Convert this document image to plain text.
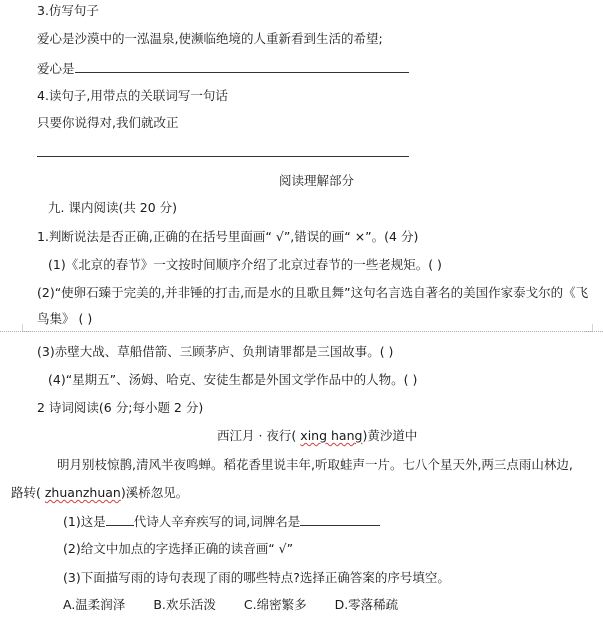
3.仿写句子
爱心是沙漠中的一泓温泉,使濒临绝境的人重新看到生活的希望;
爱心是
4.读句子,用带点的关联词写一句话
只要你说得对,我们就改正
阅读理解部分
九. 课内阅读(共 20 分)
1.判断说法是否正确,正确的在括号里面画“ √”,错误的画“ ×”。(4 分)
(1)《北京的春节》一文按时间顺序介绍了北京过春节的一些老规矩。( )
(2)“使卵石臻于完美的,并非锤的打击,而是水的且歌且舞”这句名言选自著名的美国作家泰戈尔的《飞
鸟集》 ( )
(3)赤壁大战、草船借箭、三顾茅庐、负荆请罪都是三国故事。( )
(4)“星期五”、汤姆、哈克、安徒生都是外国文学作品中的人物。( )
2 诗词阅读(6 分;每小题 2 分)
西江月 · 夜行( xing hang)黄沙道中
明月别枝惊鹊,清风半夜鸣蝉。稻花香里说丰年,听取蛙声一片。七八个星天外,两三点雨山林边,
路转( zhuanzhuan)溪桥忽见。
(1)这是 代诗人辛弃疾写的词,词牌名是
(2)给文中加点的字选择正确的读音画“ √”
(3)下面描写雨的诗句表现了雨的哪些特点?选择正确答案的序号填空。
A.温柔润泽 B.欢乐活泼 C.绵密繁多 D.零落稀疏
